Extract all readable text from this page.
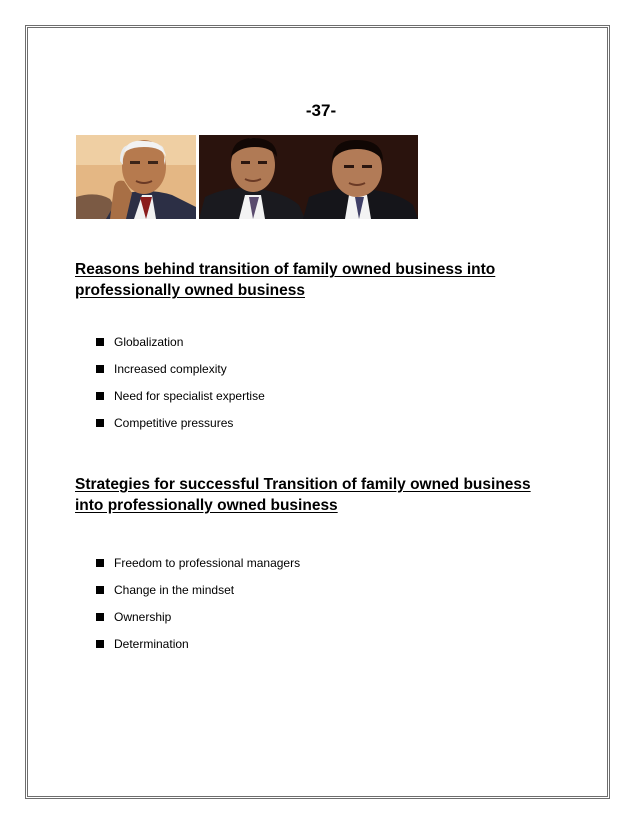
-37-

Reasons behind transition of family owned business into professionally owned business
Globalization
Increased complexity
Need for specialist expertise
Competitive pressures
Strategies for successful Transition of family owned business into professionally owned business
Freedom to professional managers
Change in the mindset
Ownership
Determination
